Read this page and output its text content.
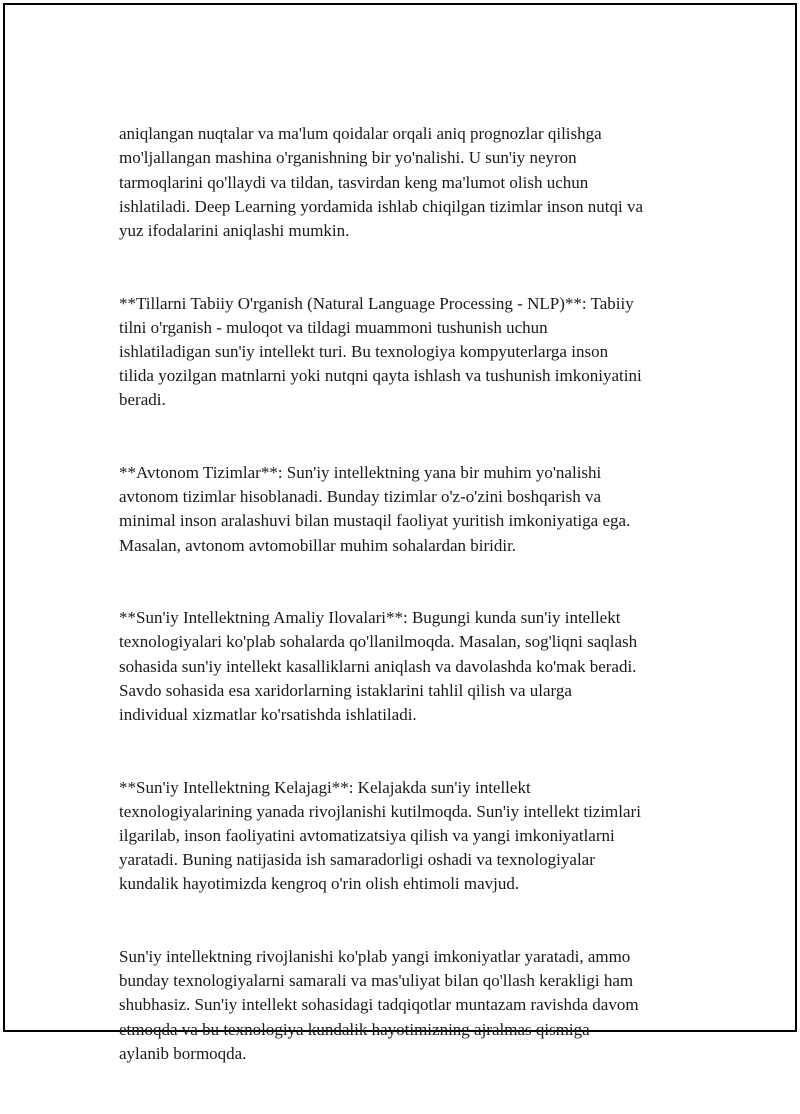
aniqlangan nuqtalar va ma'lum qoidalar orqali aniq prognozlar qilishga
mo'ljallangan mashina o'rganishning bir yo'nalishi. U sun'iy neyron
tarmoqlarini qo'llaydi va tildan, tasvirdan keng ma'lumot olish uchun
ishlatiladi. Deep Learning yordamida ishlab chiqilgan tizimlar inson nutqi va
yuz ifodalarini aniqlashi mumkin.

**Tillarni Tabiiy O'rganish (Natural Language Processing - NLP)**: Tabiiy
tilni o'rganish - muloqot va tildagi muammoni tushunish uchun
ishlatiladigan sun'iy intellekt turi. Bu texnologiya kompyuterlarga inson
tilida yozilgan matnlarni yoki nutqni qayta ishlash va tushunish imkoniyatini
beradi.

**Avtonom Tizimlar**: Sun'iy intellektning yana bir muhim yo'nalishi
avtonom tizimlar hisoblanadi. Bunday tizimlar o'z-o'zini boshqarish va
minimal inson aralashuvi bilan mustaqil faoliyat yuritish imkoniyatiga ega.
Masalan, avtonom avtomobillar muhim sohalardan biridir.

**Sun'iy Intellektning Amaliy Ilovalari**: Bugungi kunda sun'iy intellekt
texnologiyalari ko'plab sohalarda qo'llanilmoqda. Masalan, sog'liqni saqlash
sohasida sun'iy intellekt kasalliklarni aniqlash va davolashda ko'mak beradi.
Savdo sohasida esa xaridorlarning istaklarini tahlil qilish va ularga
individual xizmatlar ko'rsatishda ishlatiladi.

**Sun'iy Intellektning Kelajagi**: Kelajakda sun'iy intellekt
texnologiyalarining yanada rivojlanishi kutilmoqda. Sun'iy intellekt tizimlari
ilgarilab, inson faoliyatini avtomatizatsiya qilish va yangi imkoniyatlarni
yaratadi. Buning natijasida ish samaradorligi oshadi va texnologiyalar
kundalik hayotimizda kengroq o'rin olish ehtimoli mavjud.

Sun'iy intellektning rivojlanishi ko'plab yangi imkoniyatlar yaratadi, ammo
bunday texnologiyalarni samarali va mas'uliyat bilan qo'llash kerakligi ham
shubhasiz. Sun'iy intellekt sohasidagi tadqiqotlar muntazam ravishda davom
etmoqda va bu texnologiya kundalik hayotimizning ajralmas qismiga
aylanib bormoqda.
